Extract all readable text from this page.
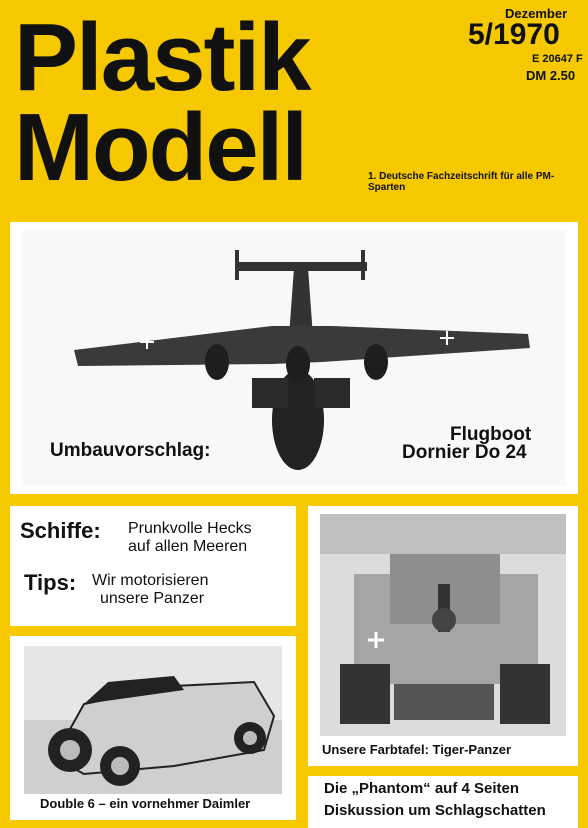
Plastik
Modell
Dezember
5/1970
E 20647 F
DM 2.50
1. Deutsche Fachzeitschrift für alle PM-Sparten
Umbauvorschlag:
Flugboot
Dornier Do 24
Schiffe: Prunkvolle Hecks
auf allen Meeren
Tips: Wir motorisieren
unsere Panzer
Double 6 – ein vornehmer Daimler
Unsere Farbtafel: Tiger-Panzer
Die „Phantom“ auf 4 Seiten
Diskussion um Schlagschatten
